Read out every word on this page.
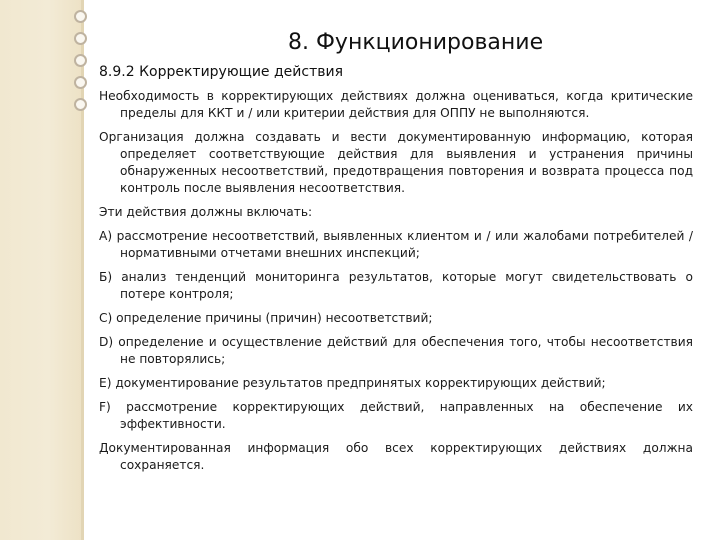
8. Функционирование
8.9.2 Корректирующие действия

Необходимость в корректирующих действиях должна оцениваться, когда критические пределы для ККТ и / или критерии действия для ОППУ не выполняются.

Организация должна создавать и вести документированную информацию, которая определяет соответствующие действия для выявления и устранения причины обнаруженных несоответствий, предотвращения повторения и возврата процесса под контроль после выявления несоответствия.

Эти действия должны включать:

A) рассмотрение несоответствий, выявленных клиентом и / или жалобами потребителей / нормативными отчетами внешних инспекций;

Б) анализ тенденций мониторинга результатов, которые могут свидетельствовать о потере контроля;

C) определение причины (причин) несоответствий;

D) определение и осуществление действий для обеспечения того, чтобы несоответствия не повторялись;

E) документирование результатов предпринятых корректирующих действий;

F) рассмотрение корректирующих действий, направленных на обеспечение их эффективности.

Документированная информация обо всех корректирующих действиях должна сохраняется.
